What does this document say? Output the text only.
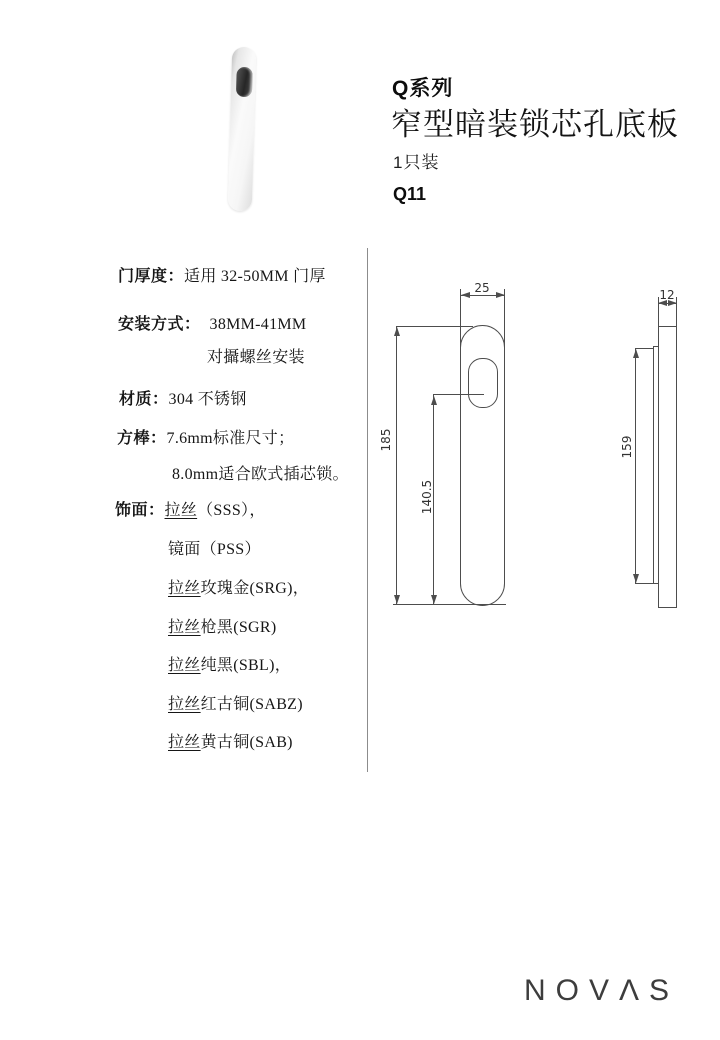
Q系列
窄型暗装锁芯孔底板
1只装
Q11
门厚度：适用 32-50MM 门厚
安装方式： 38MM-41MM
对攝螺丝安装
材质：304 不锈钢
方棒：7.6mm标准尺寸；
8.0mm适合欧式插芯锁。
饰面：拉丝（SSS），
镜面（PSS）
拉丝玫瑰金(SRG)，
拉丝枪黑(SGR)
拉丝纯黑(SBL)，
拉丝红古铜(SABZ)
拉丝黄古铜(SAB)
25
185
140.5
12
159
NOVΛS
